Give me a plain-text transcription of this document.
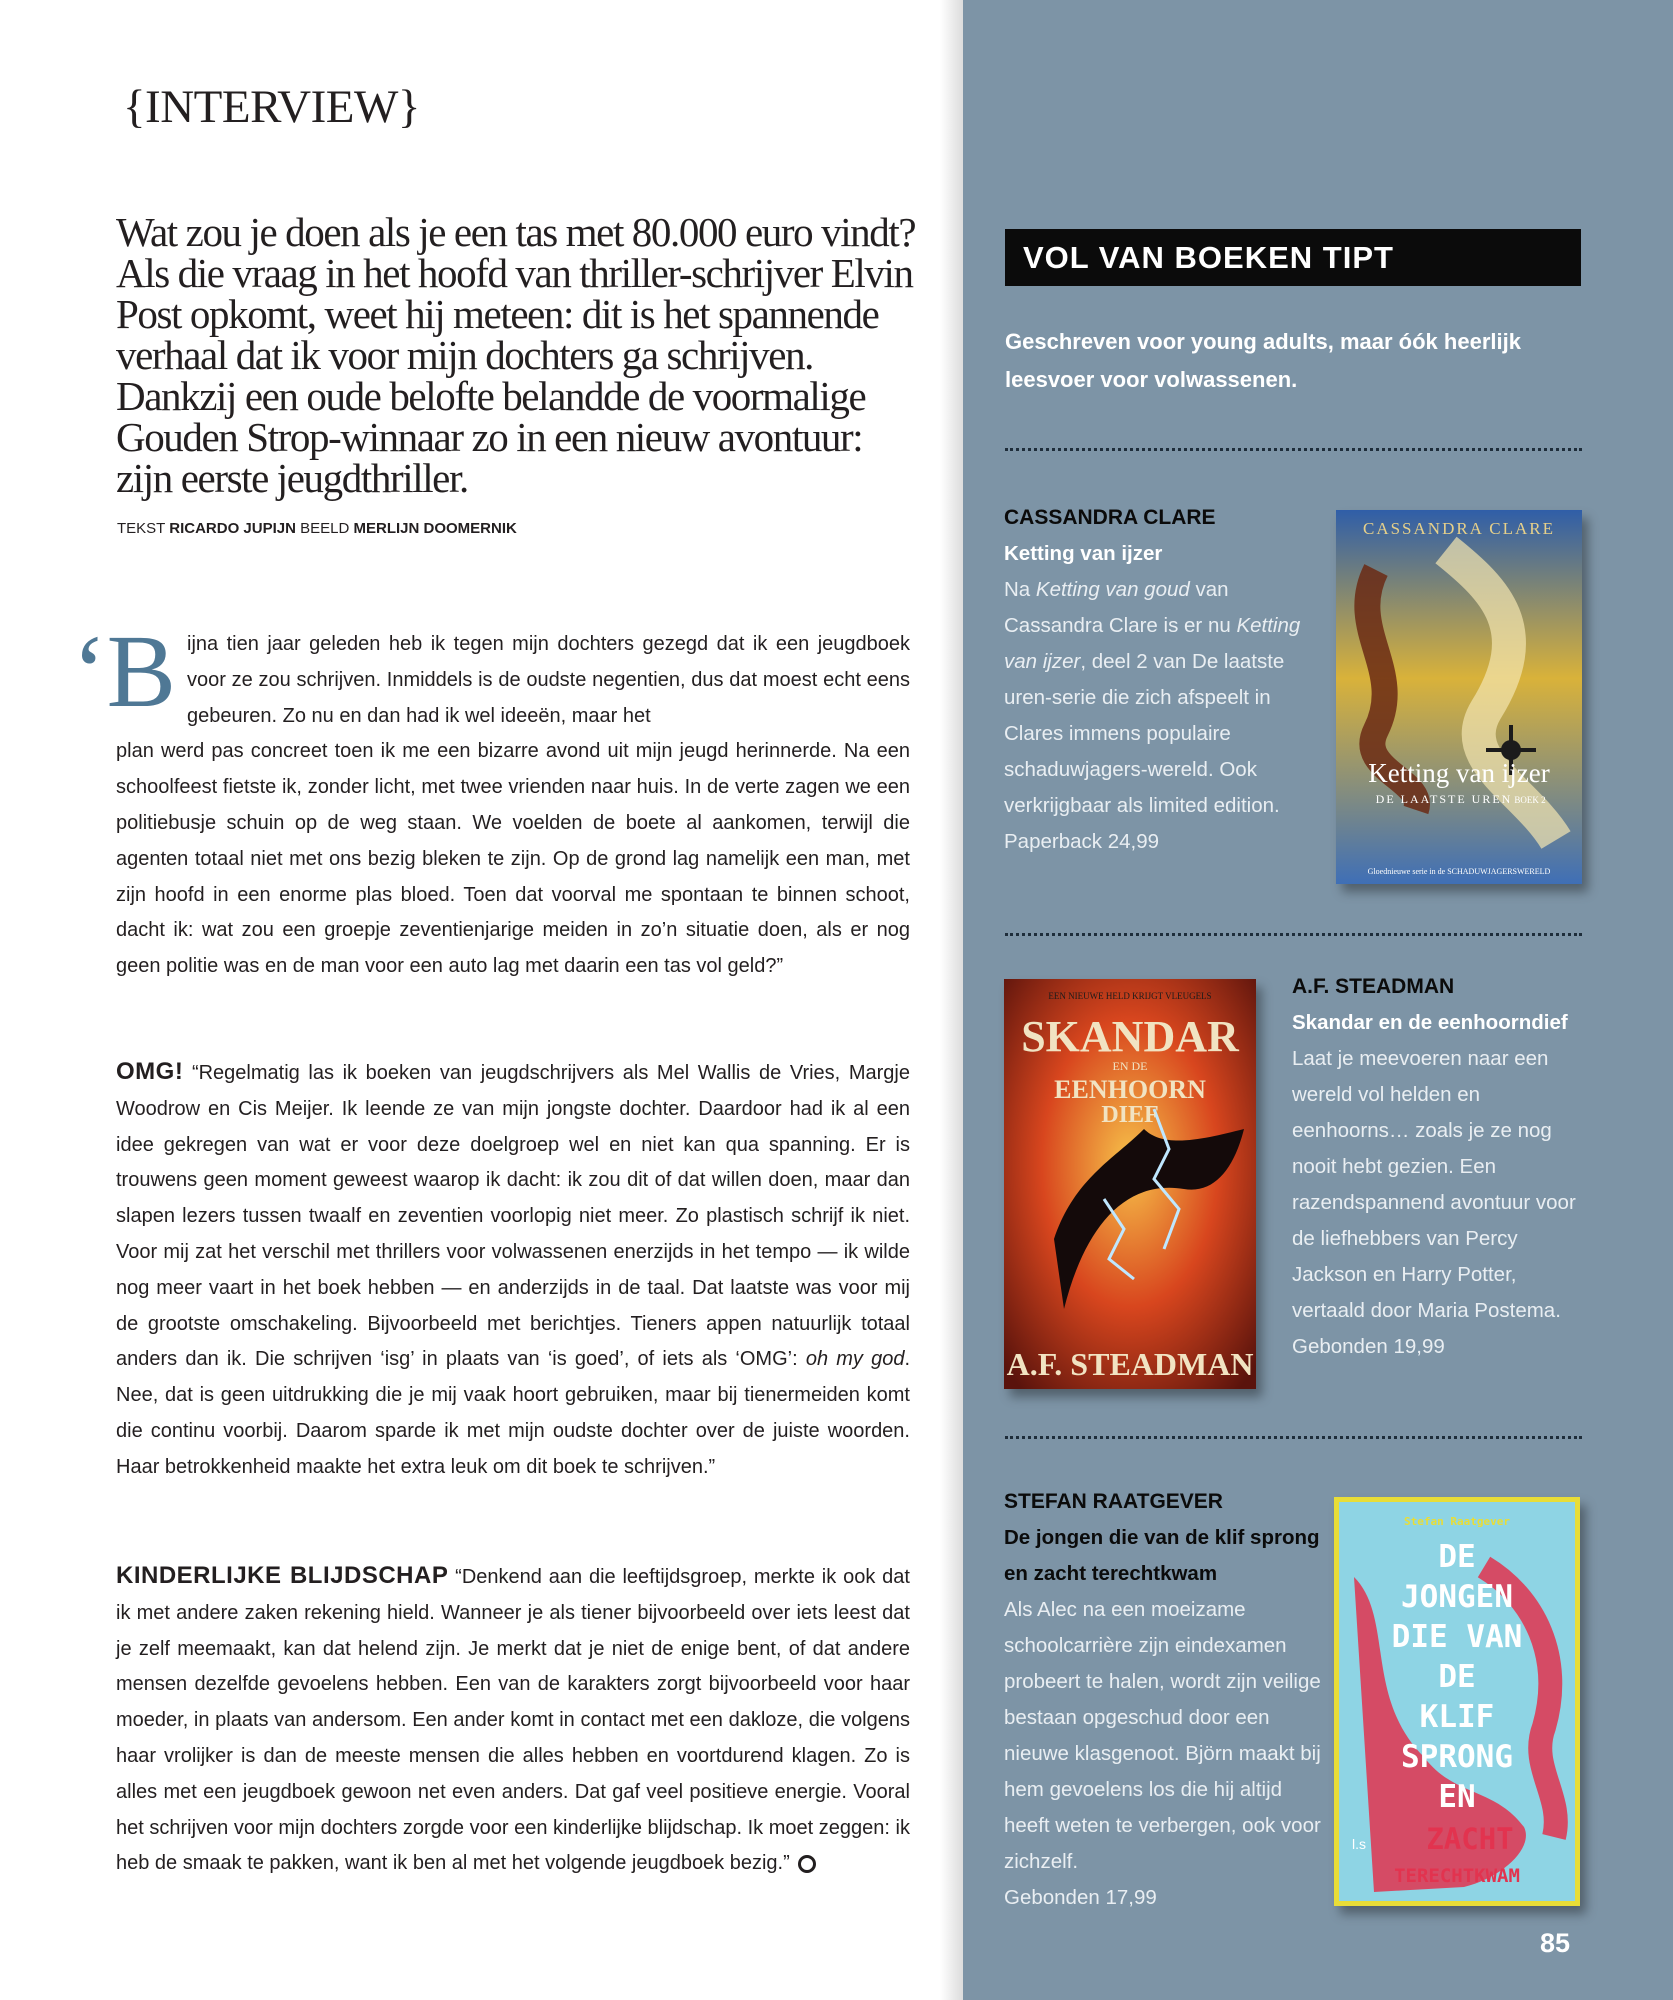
{INTERVIEW}
Wat zou je doen als je een tas met 80.000 euro vindt? Als die vraag in het hoofd van thriller-schrijver Elvin Post opkomt, weet hij meteen: dit is het spannende verhaal dat ik voor mijn dochters ga schrijven. Dankzij een oude belofte belandde de voormalige Gouden Strop-winnaar zo in een nieuw avontuur: zijn eerste jeugdthriller.
TEKST RICARDO JUPIJN BEELD MERLIJN DOOMERNIK
‘B ijna tien jaar geleden heb ik tegen mijn dochters gezegd dat ik een jeugdboek voor ze zou schrijven. Inmiddels is de oudste negentien, dus dat moest echt eens gebeuren. Zo nu en dan had ik wel ideeën, maar het
plan werd pas concreet toen ik me een bizarre avond uit mijn jeugd herinnerde. Na een schoolfeest fietste ik, zonder licht, met twee vrienden naar huis. In de verte zagen we een politiebusje schuin op de weg staan. We voelden de boete al aankomen, terwijl die agenten totaal niet met ons bezig bleken te zijn. Op de grond lag namelijk een man, met zijn hoofd in een enorme plas bloed. Toen dat voorval me spontaan te binnen schoot, dacht ik: wat zou een groepje zeventienjarige meiden in zo’n situatie doen, als er nog geen politie was en de man voor een auto lag met daarin een tas vol geld?”
OMG! “Regelmatig las ik boeken van jeugdschrijvers als Mel Wallis de Vries, Margje Woodrow en Cis Meijer. Ik leende ze van mijn jongste dochter. Daardoor had ik al een idee gekregen van wat er voor deze doelgroep wel en niet kan qua spanning. Er is trouwens geen moment geweest waarop ik dacht: ik zou dit of dat willen doen, maar dan slapen lezers tussen twaalf en zeventien voorlopig niet meer. Zo plastisch schrijf ik niet. Voor mij zat het verschil met thrillers voor volwassenen enerzijds in het tempo — ik wilde nog meer vaart in het boek hebben — en anderzijds in de taal. Dat laatste was voor mij de grootste omschakeling. Bijvoorbeeld met berichtjes. Tieners appen natuurlijk totaal anders dan ik. Die schrijven ‘isg’ in plaats van ‘is goed’, of iets als ‘OMG’: oh my god. Nee, dat is geen uitdrukking die je mij vaak hoort gebruiken, maar bij tienermeiden komt die continu voorbij. Daarom sparde ik met mijn oudste dochter over de juiste woorden. Haar betrokkenheid maakte het extra leuk om dit boek te schrijven.”
KINDERLIJKE BLIJDSCHAP “Denkend aan die leeftijdsgroep, merkte ik ook dat ik met andere zaken rekening hield. Wanneer je als tiener bijvoorbeeld over iets leest dat je zelf meemaakt, kan dat helend zijn. Je merkt dat je niet de enige bent, of dat andere mensen dezelfde gevoelens hebben. Een van de karakters zorgt bijvoorbeeld voor haar moeder, in plaats van andersom. Een ander komt in contact met een dakloze, die volgens haar vrolijker is dan de meeste mensen die alles hebben en voortdurend klagen. Zo is alles met een jeugdboek gewoon net even anders. Dat gaf veel positieve energie. Vooral het schrijven voor mijn dochters zorgde voor een kinderlijke blijdschap. Ik moet zeggen: ik heb de smaak te pakken, want ik ben al met het volgende jeugdboek bezig.”
VOL VAN BOEKEN TIPT
Geschreven voor young adults, maar óók heerlijk leesvoer voor volwassenen.
CASSANDRA CLARE
Ketting van ijzer
Na Ketting van goud van Cassandra Clare is er nu Ketting van ijzer, deel 2 van De laatste uren-serie die zich afspeelt in Clares immens populaire schaduwjagers-wereld. Ook verkrijgbaar als limited edition.
Paperback 24,99
CASSANDRA CLARE
Ketting van ijzer
DE LAATSTE UREN BOEK 2
Gloednieuwe serie in de SCHADUWJAGERSWERELD
EEN NIEUWE HELD KRIJGT VLEUGELS
SKANDAR
EN DE
EENHOORN
DIEF
A.F. STEADMAN
A.F. STEADMAN
Skandar en de eenhoorndief
Laat je meevoeren naar een wereld vol helden en eenhoorns… zoals je ze nog nooit hebt gezien. Een razendspannend avontuur voor de liefhebbers van Percy Jackson en Harry Potter, vertaald door Maria Postema. Gebonden 19,99
STEFAN RAATGEVER
De jongen die van de klif sprong en zacht terechtkwam
Als Alec na een moeizame schoolcarrière zijn eindexamen probeert te halen, wordt zijn veilige bestaan opgeschud door een nieuwe klasgenoot. Björn maakt bij hem gevoelens los die hij altijd heeft weten te verbergen, ook voor zichzelf.
Gebonden 17,99
Stefan Raatgever
DE
JONGEN
DIE VAN
DE
KLIF
SPRONG
EN
ZACHT
TERECHTKWAM
l.s
85
